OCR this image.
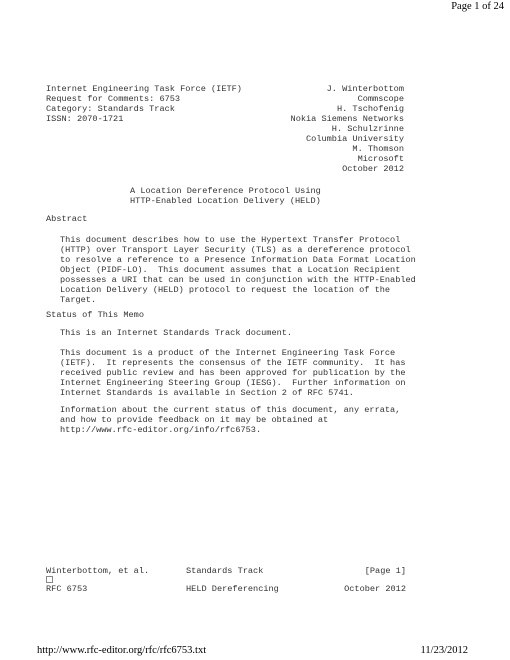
Page 1 of 24
Internet Engineering Task Force (IETF)
Request for Comments: 6753
Category: Standards Track
ISSN: 2070-1721
J. Winterbottom
Commscope
H. Tschofenig
Nokia Siemens Networks
H. Schulzrinne
Columbia University
M. Thomson
Microsoft
October 2012
A Location Dereference Protocol Using
HTTP-Enabled Location Delivery (HELD)
Abstract
This document describes how to use the Hypertext Transfer Protocol
(HTTP) over Transport Layer Security (TLS) as a dereference protocol
to resolve a reference to a Presence Information Data Format Location
Object (PIDF-LO).  This document assumes that a Location Recipient
possesses a URI that can be used in conjunction with the HTTP-Enabled
Location Delivery (HELD) protocol to request the location of the
Target.
Status of This Memo
This is an Internet Standards Track document.
This document is a product of the Internet Engineering Task Force
(IETF).  It represents the consensus of the IETF community.  It has
received public review and has been approved for publication by the
Internet Engineering Steering Group (IESG).  Further information on
Internet Standards is available in Section 2 of RFC 5741.
Information about the current status of this document, any errata,
and how to provide feedback on it may be obtained at
http://www.rfc-editor.org/info/rfc6753.
Winterbottom, et al.	Standards Track	[Page 1]
RFC 6753	HELD Dereferencing	October 2012
http://www.rfc-editor.org/rfc/rfc6753.txt	11/23/2012
